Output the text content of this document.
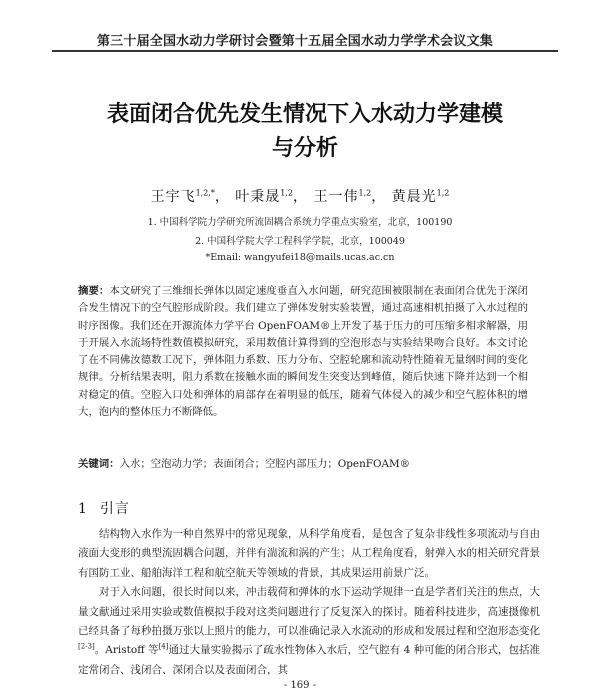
第三十届全国水动力学研讨会暨第十五届全国水动力学学术会议文集
表面闭合优先发生情况下入水动力学建模
与分析
王宇飞$^{1,2,*}$， 叶秉晟$^{1,2}$， 王一伟$^{1,2}$， 黄晨光$^{1,2}$
1. 中国科学院力学研究所流固耦合系统力学重点实验室，北京，100190
2. 中国科学院大学工程科学学院，北京，100049
*Email: wangyufei18@mails.ucas.ac.cn
摘要：本文研究了三维细长弹体以固定速度垂直入水问题，研究范围被限制在表面闭合优先于深闭合发生情况下的空气腔形成阶段。我们建立了弹体发射实验装置，通过高速相机拍摄了入水过程的时序图像。我们还在开源流体力学平台 OpenFOAM®上开发了基于压力的可压缩多相求解器，用于开展入水流场特性数值模拟研究，采用数值计算得到的空泡形态与实验结果吻合良好。本文讨论了在不同佛汝德数工况下，弹体阻力系数、压力分布、空腔轮廓和流动特性随着无量纲时间的变化规律。分析结果表明，阻力系数在接触水面的瞬间发生突变达到峰值，随后快速下降并达到一个相对稳定的值。空腔入口处和弹体的肩部存在着明显的低压，随着气体侵入的减少和空气腔体积的增大，泡内的整体压力不断降低。
关键词：入水；空泡动力学；表面闭合；空腔内部压力；OpenFOAM®
1 引言

结构物入水作为一种自然界中的常见现象，从科学角度看，是包含了复杂非线性多项流动与自由液面大变形的典型流固耦合问题，并伴有湍流和涡的产生；从工程角度看，射弹入水的相关研究背景有国防工业、船舶海洋工程和航空航天等领域的背景，其成果运用前景广泛。

对于入水问题，很长时间以来，冲击载荷和弹体的水下运动学规律一直是学者们关注的焦点，大量文献通过采用实验或数值模拟手段对这类问题进行了反复深入的探讨。随着科技进步，高速摄像机已经具备了每秒拍摄万张以上照片的能力，可以准确记录入水流动的形成和发展过程和空泡形态变化[2-3]。Aristoff 等[4]通过大量实验揭示了疏水性物体入水后，空气腔有 4 种可能的闭合形式，包括准定常闭合、浅闭合、深闭合以及表面闭合，其

- 169 -
